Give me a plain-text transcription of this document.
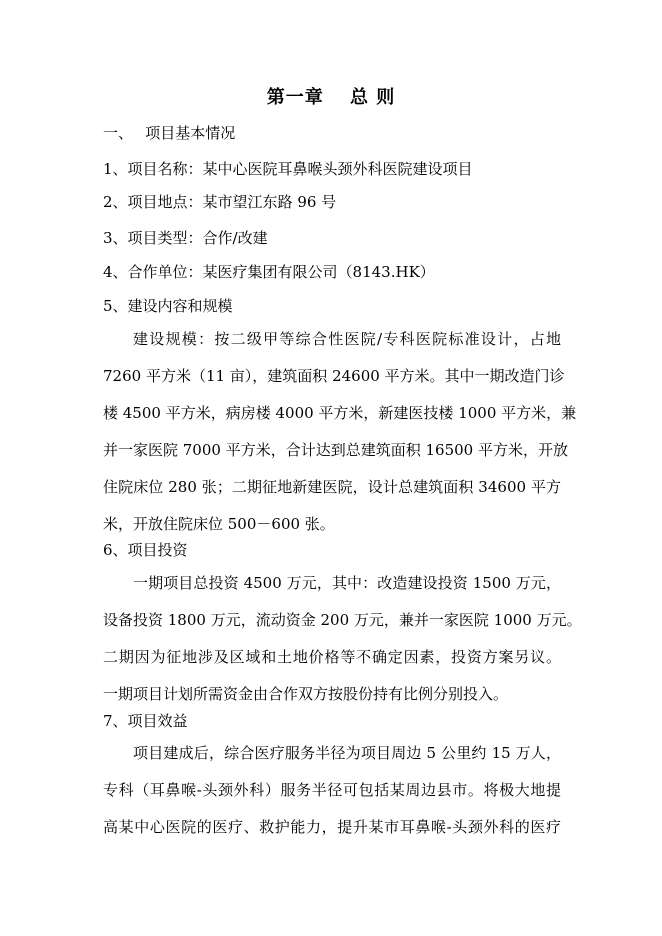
第一章　 总 则
一、　 项目基本情况
1、项目名称：某中心医院耳鼻喉头颈外科医院建设项目
2、项目地点：某市望江东路 96 号
3、项目类型：合作/改建
4、合作单位：某医疗集团有限公司（8143.HK）
5、建设内容和规模
建设规模：按二级甲等综合性医院/专科医院标准设计，占地
7260 平方米（11 亩），建筑面积 24600 平方米。其中一期改造门诊
楼 4500 平方米，病房楼 4000 平方米，新建医技楼 1000 平方米，兼
并一家医院 7000 平方米，合计达到总建筑面积 16500 平方米，开放
住院床位 280 张；二期征地新建医院，设计总建筑面积 34600 平方
米，开放住院床位 500－600 张。
6、项目投资
一期项目总投资 4500 万元，其中：改造建设投资 1500 万元，
设备投资 1800 万元，流动资金 200 万元，兼并一家医院 1000 万元。
二期因为征地涉及区域和土地价格等不确定因素，投资方案另议。
一期项目计划所需资金由合作双方按股份持有比例分别投入。
7、项目效益
项目建成后，综合医疗服务半径为项目周边 5 公里约 15 万人，
专科（耳鼻喉-头颈外科）服务半径可包括某周边县市。将极大地提
高某中心医院的医疗、救护能力，提升某市耳鼻喉-头颈外科的医疗
